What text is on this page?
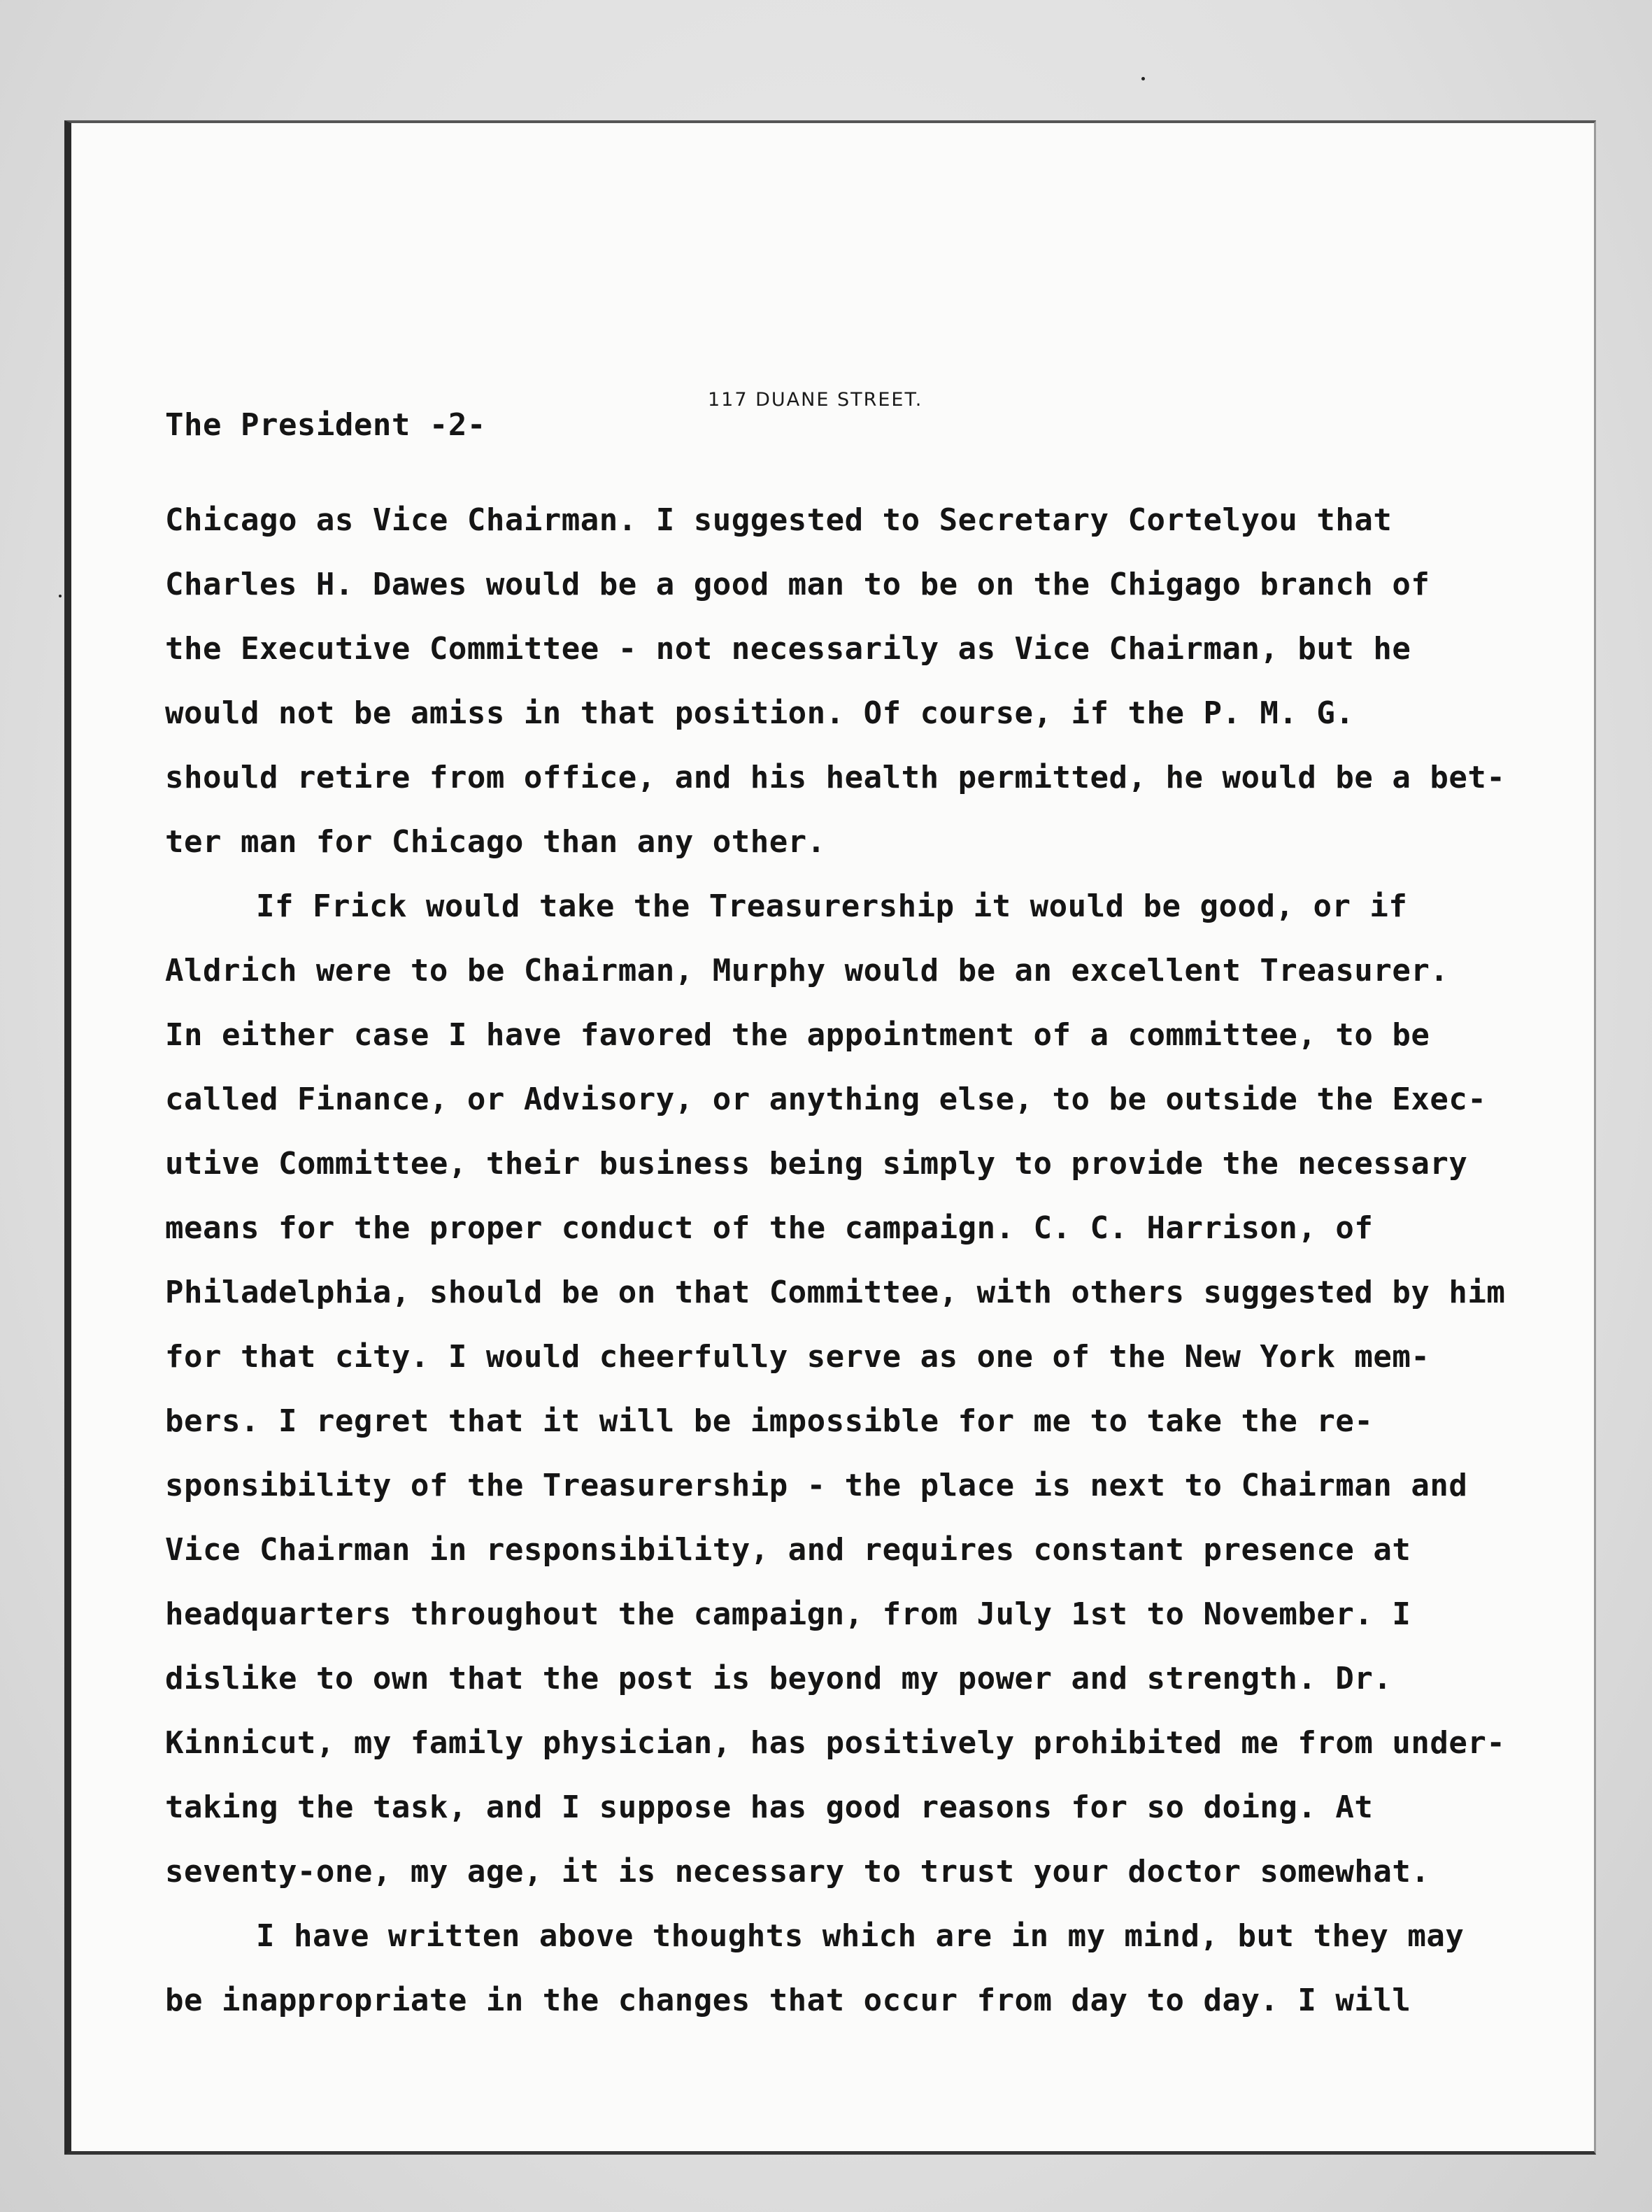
117 DUANE STREET.
The President -2-
Chicago as Vice Chairman. I suggested to Secretary Cortelyou that
Charles H. Dawes would be a good man to be on the Chigago branch of
the Executive Committee - not necessarily as Vice Chairman, but he
would not be amiss in that position. Of course, if the P. M. G.
should retire from office, and his health permitted, he would be a bet-
ter man for Chicago than any other.
If Frick would take the Treasurership it would be good, or if
Aldrich were to be Chairman, Murphy would be an excellent Treasurer.
In either case I have favored the appointment of a committee, to be
called Finance, or Advisory, or anything else, to be outside the Exec-
utive Committee, their business being simply to provide the necessary
means for the proper conduct of the campaign. C. C. Harrison, of
Philadelphia, should be on that Committee, with others suggested by him
for that city. I would cheerfully serve as one of the New York mem-
bers. I regret that it will be impossible for me to take the re-
sponsibility of the Treasurership - the place is next to Chairman and
Vice Chairman in responsibility, and requires constant presence at
headquarters throughout the campaign, from July 1st to November. I
dislike to own that the post is beyond my power and strength. Dr.
Kinnicut, my family physician, has positively prohibited me from under-
taking the task, and I suppose has good reasons for so doing. At
seventy-one, my age, it is necessary to trust your doctor somewhat.
I have written above thoughts which are in my mind, but they may
be inappropriate in the changes that occur from day to day. I will
